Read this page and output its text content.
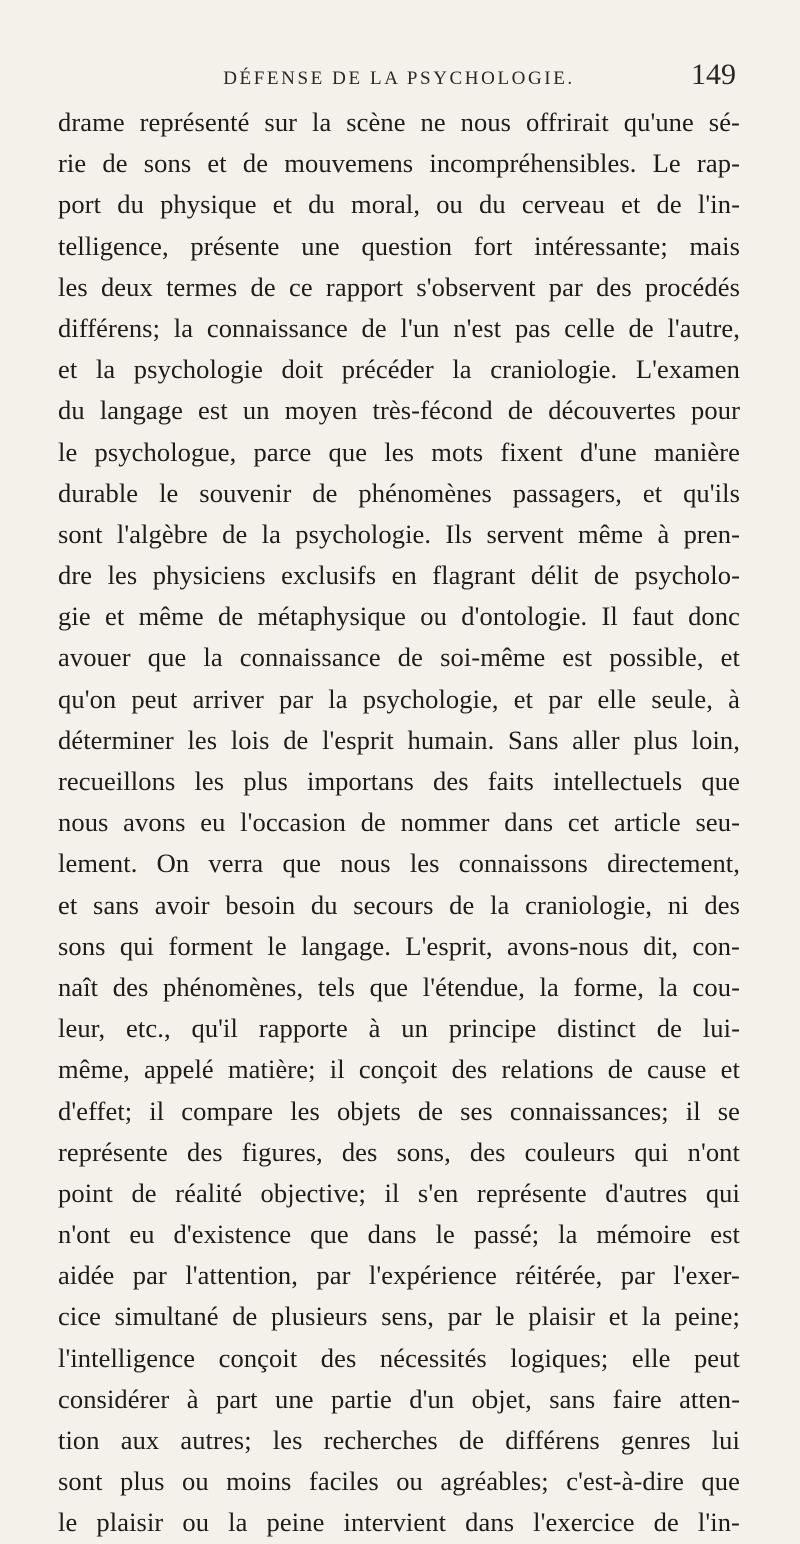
DÉFENSE DE LA PSYCHOLOGIE.	149
drame représenté sur la scène ne nous offrirait qu'une sé-
rie de sons et de mouvemens incompréhensibles. Le rap-
port du physique et du moral, ou du cerveau et de l'in-
telligence, présente une question fort intéressante; mais
les deux termes de ce rapport s'observent par des procédés
différens; la connaissance de l'un n'est pas celle de l'autre,
et la psychologie doit précéder la craniologie. L'examen
du langage est un moyen très-fécond de découvertes pour
le psychologue, parce que les mots fixent d'une manière
durable le souvenir de phénomènes passagers, et qu'ils
sont l'algèbre de la psychologie. Ils servent même à pren-
dre les physiciens exclusifs en flagrant délit de psycholo-
gie et même de métaphysique ou d'ontologie. Il faut donc
avouer que la connaissance de soi-même est possible, et
qu'on peut arriver par la psychologie, et par elle seule, à
déterminer les lois de l'esprit humain. Sans aller plus loin,
recueillons les plus importans des faits intellectuels que
nous avons eu l'occasion de nommer dans cet article seu-
lement. On verra que nous les connaissons directement,
et sans avoir besoin du secours de la craniologie, ni des
sons qui forment le langage. L'esprit, avons-nous dit, con-
naît des phénomènes, tels que l'étendue, la forme, la cou-
leur, etc., qu'il rapporte à un principe distinct de lui-
même, appelé matière; il conçoit des relations de cause et
d'effet; il compare les objets de ses connaissances; il se
représente des figures, des sons, des couleurs qui n'ont
point de réalité objective; il s'en représente d'autres qui
n'ont eu d'existence que dans le passé; la mémoire est
aidée par l'attention, par l'expérience réitérée, par l'exer-
cice simultané de plusieurs sens, par le plaisir et la peine;
l'intelligence conçoit des nécessités logiques; elle peut
considérer à part une partie d'un objet, sans faire atten-
tion aux autres; les recherches de différens genres lui
sont plus ou moins faciles ou agréables; c'est-à-dire que
le plaisir ou la peine intervient dans l'exercice de l'in-
